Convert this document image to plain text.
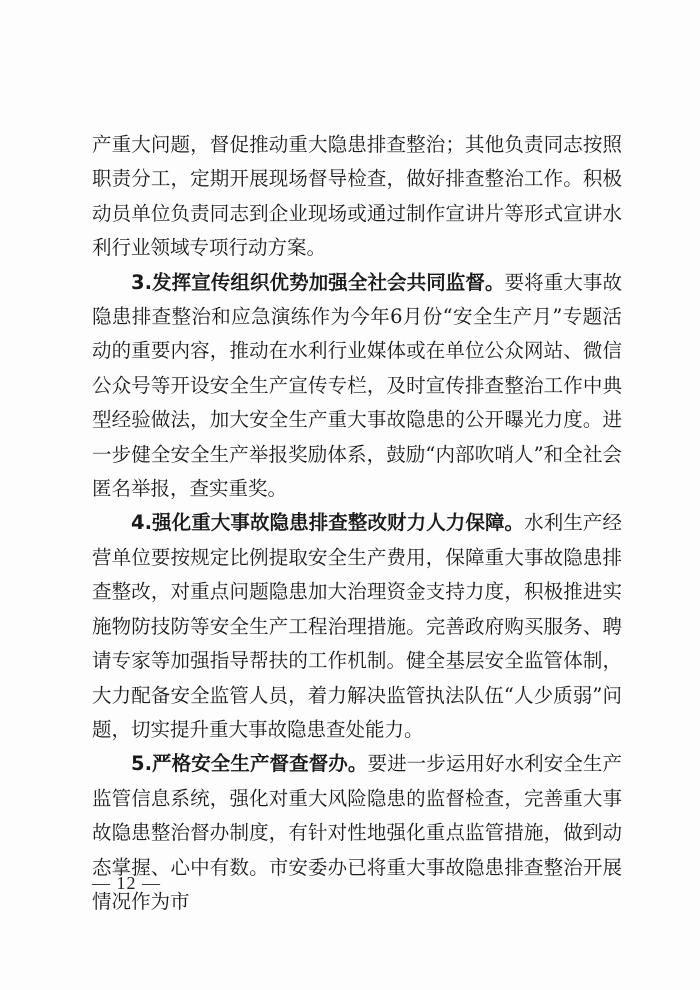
产重大问题，督促推动重大隐患排查整治；其他负责同志按照职责分工，定期开展现场督导检查，做好排查整治工作。积极动员单位负责同志到企业现场或通过制作宣讲片等形式宣讲水利行业领域专项行动方案。

3.发挥宣传组织优势加强全社会共同监督。要将重大事故隐患排查整治和应急演练作为今年6月份“安全生产月”专题活动的重要内容，推动在水利行业媒体或在单位公众网站、微信公众号等开设安全生产宣传专栏，及时宣传排查整治工作中典型经验做法，加大安全生产重大事故隐患的公开曝光力度。进一步健全安全生产举报奖励体系，鼓励“内部吹哨人”和全社会匿名举报，查实重奖。

4.强化重大事故隐患排查整改财力人力保障。水利生产经营单位要按规定比例提取安全生产费用，保障重大事故隐患排查整改，对重点问题隐患加大治理资金支持力度，积极推进实施物防技防等安全生产工程治理措施。完善政府购买服务、聘请专家等加强指导帮扶的工作机制。健全基层安全监管体制，大力配备安全监管人员，着力解决监管执法队伍“人少质弱”问题，切实提升重大事故隐患查处能力。

5.严格安全生产督查督办。要进一步运用好水利安全生产监管信息系统，强化对重大风险隐患的监督检查，完善重大事故隐患整治督办制度，有针对性地强化重点监管措施，做到动态掌握、心中有数。市安委办已将重大事故隐患排查整治开展情况作为市

— 12 —
